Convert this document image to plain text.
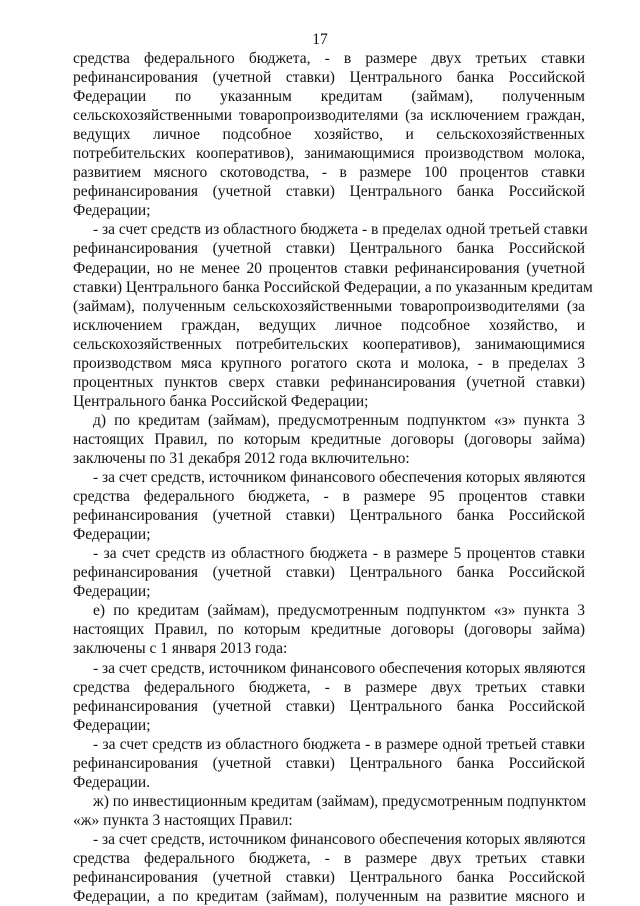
17
средства федерального бюджета, - в размере двух третьих ставки
рефинансирования (учетной ставки) Центрального банка Российской
Федерации по указанным кредитам (займам), полученным
сельскохозяйственными товаропроизводителями (за исключением граждан,
ведущих личное подсобное хозяйство, и сельскохозяйственных
потребительских кооперативов), занимающимися производством молока,
развитием мясного скотоводства, - в размере 100 процентов ставки
рефинансирования (учетной ставки) Центрального банка Российской
Федерации;
- за счет средств из областного бюджета - в пределах одной третьей ставки
рефинансирования (учетной ставки) Центрального банка Российской
Федерации, но не менее 20 процентов ставки рефинансирования (учетной
ставки) Центрального банка Российской Федерации, а по указанным кредитам
(займам), полученным сельскохозяйственными товаропроизводителями (за
исключением граждан, ведущих личное подсобное хозяйство, и
сельскохозяйственных потребительских кооперативов), занимающимися
производством мяса крупного рогатого скота и молока, - в пределах 3
процентных пунктов сверх ставки рефинансирования (учетной ставки)
Центрального банка Российской Федерации;
д) по кредитам (займам), предусмотренным подпунктом «з» пункта 3
настоящих Правил, по которым кредитные договоры (договоры займа)
заключены по 31 декабря 2012 года включительно:
- за счет средств, источником финансового обеспечения которых являются
средства федерального бюджета, - в размере 95 процентов ставки
рефинансирования (учетной ставки) Центрального банка Российской
Федерации;
- за счет средств из областного бюджета - в размере 5 процентов ставки
рефинансирования (учетной ставки) Центрального банка Российской
Федерации;
е) по кредитам (займам), предусмотренным подпунктом «з» пункта 3
настоящих Правил, по которым кредитные договоры (договоры займа)
заключены с 1 января 2013 года:
- за счет средств, источником финансового обеспечения которых являются
средства федерального бюджета, - в размере двух третьих ставки
рефинансирования (учетной ставки) Центрального банка Российской
Федерации;
- за счет средств из областного бюджета - в размере одной третьей ставки
рефинансирования (учетной ставки) Центрального банка Российской
Федерации.
ж) по инвестиционным кредитам (займам), предусмотренным подпунктом
«ж» пункта 3 настоящих Правил:
- за счет средств, источником финансового обеспечения которых являются
средства федерального бюджета, - в размере двух третьих ставки
рефинансирования (учетной ставки) Центрального банка Российской
Федерации, а по кредитам (займам), полученным на развитие мясного и
